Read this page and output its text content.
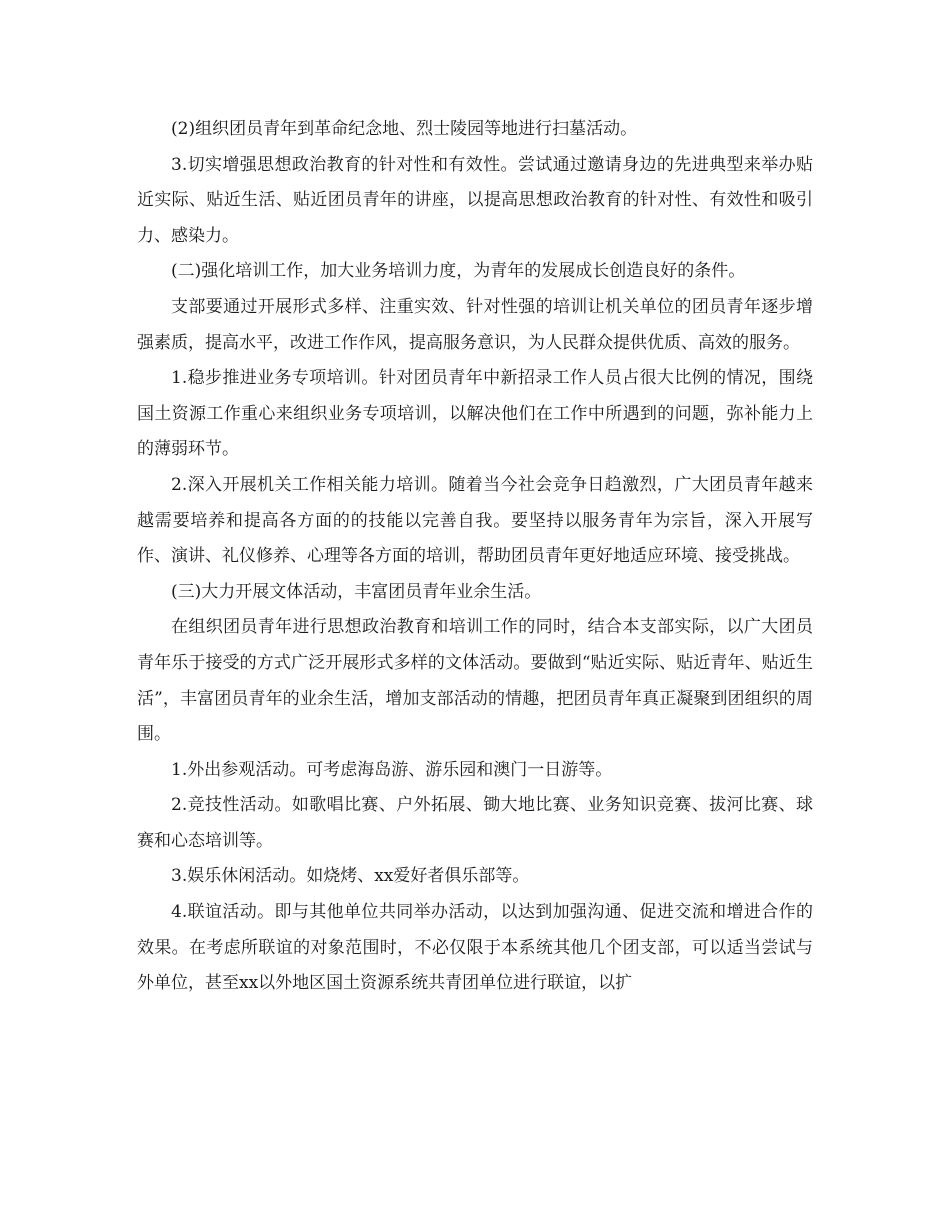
(2)组织团员青年到革命纪念地、烈士陵园等地进行扫墓活动。

3.切实增强思想政治教育的针对性和有效性。尝试通过邀请身边的先进典型来举办贴近实际、贴近生活、贴近团员青年的讲座，以提高思想政治教育的针对性、有效性和吸引力、感染力。

(二)强化培训工作，加大业务培训力度，为青年的发展成长创造良好的条件。

支部要通过开展形式多样、注重实效、针对性强的培训让机关单位的团员青年逐步增强素质，提高水平，改进工作作风，提高服务意识，为人民群众提供优质、高效的服务。

1.稳步推进业务专项培训。针对团员青年中新招录工作人员占很大比例的情况，围绕国土资源工作重心来组织业务专项培训，以解决他们在工作中所遇到的问题，弥补能力上的薄弱环节。

2.深入开展机关工作相关能力培训。随着当今社会竞争日趋激烈，广大团员青年越来越需要培养和提高各方面的的技能以完善自我。要坚持以服务青年为宗旨，深入开展写作、演讲、礼仪修养、心理等各方面的培训，帮助团员青年更好地适应环境、接受挑战。

(三)大力开展文体活动，丰富团员青年业余生活。

在组织团员青年进行思想政治教育和培训工作的同时，结合本支部实际，以广大团员青年乐于接受的方式广泛开展形式多样的文体活动。要做到“贴近实际、贴近青年、贴近生活”，丰富团员青年的业余生活，增加支部活动的情趣，把团员青年真正凝聚到团组织的周围。

1.外出参观活动。可考虑海岛游、游乐园和澳门一日游等。

2.竞技性活动。如歌唱比赛、户外拓展、锄大地比赛、业务知识竞赛、拔河比赛、球赛和心态培训等。

3.娱乐休闲活动。如烧烤、xx爱好者俱乐部等。

4.联谊活动。即与其他单位共同举办活动，以达到加强沟通、促进交流和增进合作的效果。在考虑所联谊的对象范围时，不必仅限于本系统其他几个团支部，可以适当尝试与外单位，甚至xx以外地区国土资源系统共青团单位进行联谊，以扩
